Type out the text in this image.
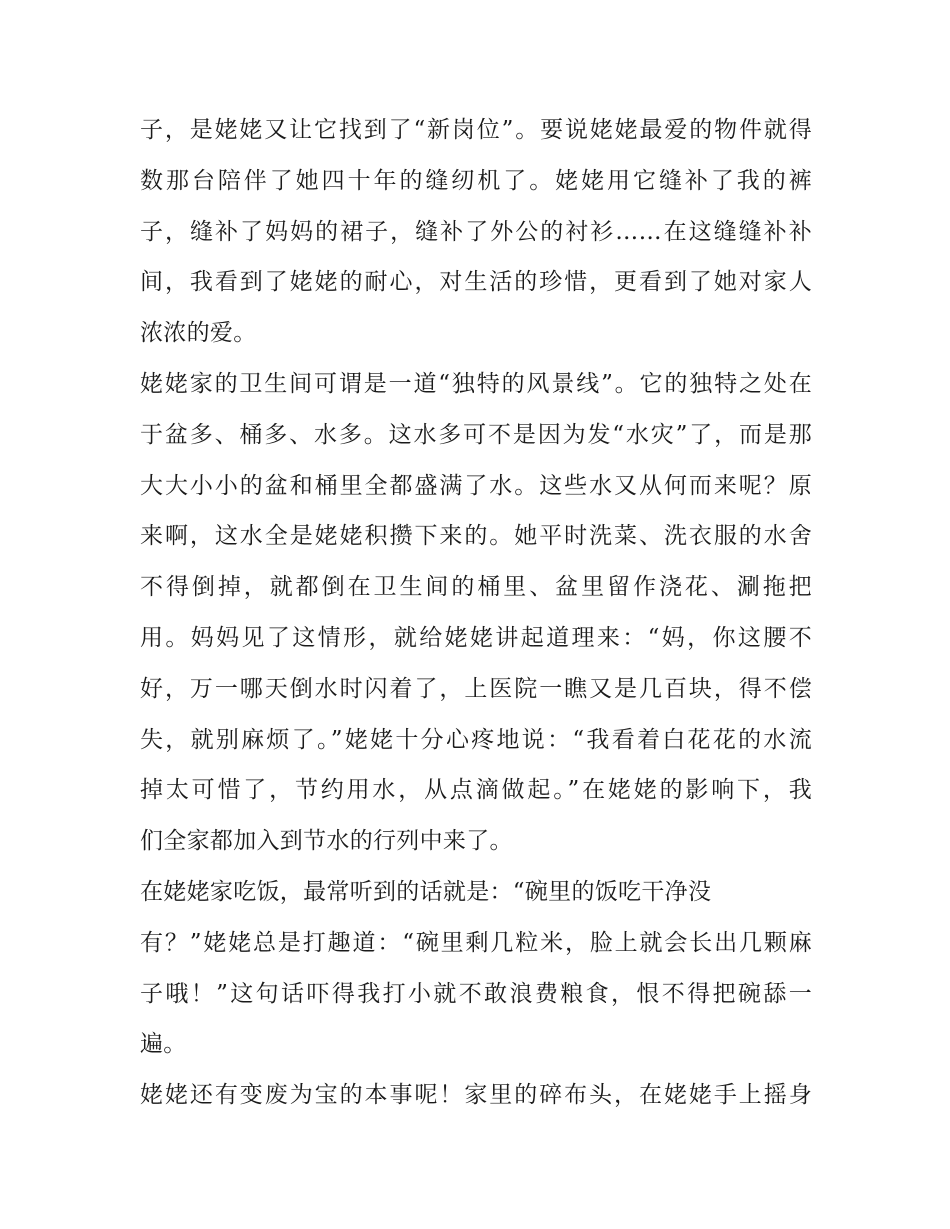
子，是姥姥又让它找到了“新岗位”。要说姥姥最爱的物件就得
数那台陪伴了她四十年的缝纫机了。姥姥用它缝补了我的裤
子，缝补了妈妈的裙子，缝补了外公的衬衫……在这缝缝补补
间，我看到了姥姥的耐心，对生活的珍惜，更看到了她对家人
浓浓的爱。
姥姥家的卫生间可谓是一道“独特的风景线”。它的独特之处在
于盆多、桶多、水多。这水多可不是因为发“水灾”了，而是那
大大小小的盆和桶里全都盛满了水。这些水又从何而来呢？原
来啊，这水全是姥姥积攒下来的。她平时洗菜、洗衣服的水舍
不得倒掉，就都倒在卫生间的桶里、盆里留作浇花、涮拖把
用。妈妈见了这情形，就给姥姥讲起道理来：“妈，你这腰不
好，万一哪天倒水时闪着了，上医院一瞧又是几百块，得不偿
失，就别麻烦了。”姥姥十分心疼地说：“我看着白花花的水流
掉太可惜了，节约用水，从点滴做起。”在姥姥的影响下，我
们全家都加入到节水的行列中来了。
在姥姥家吃饭，最常听到的话就是：“碗里的饭吃干净没
有？”姥姥总是打趣道：“碗里剩几粒米，脸上就会长出几颗麻
子哦！”这句话吓得我打小就不敢浪费粮食，恨不得把碗舔一
遍。
姥姥还有变废为宝的本事呢！家里的碎布头，在姥姥手上摇身
